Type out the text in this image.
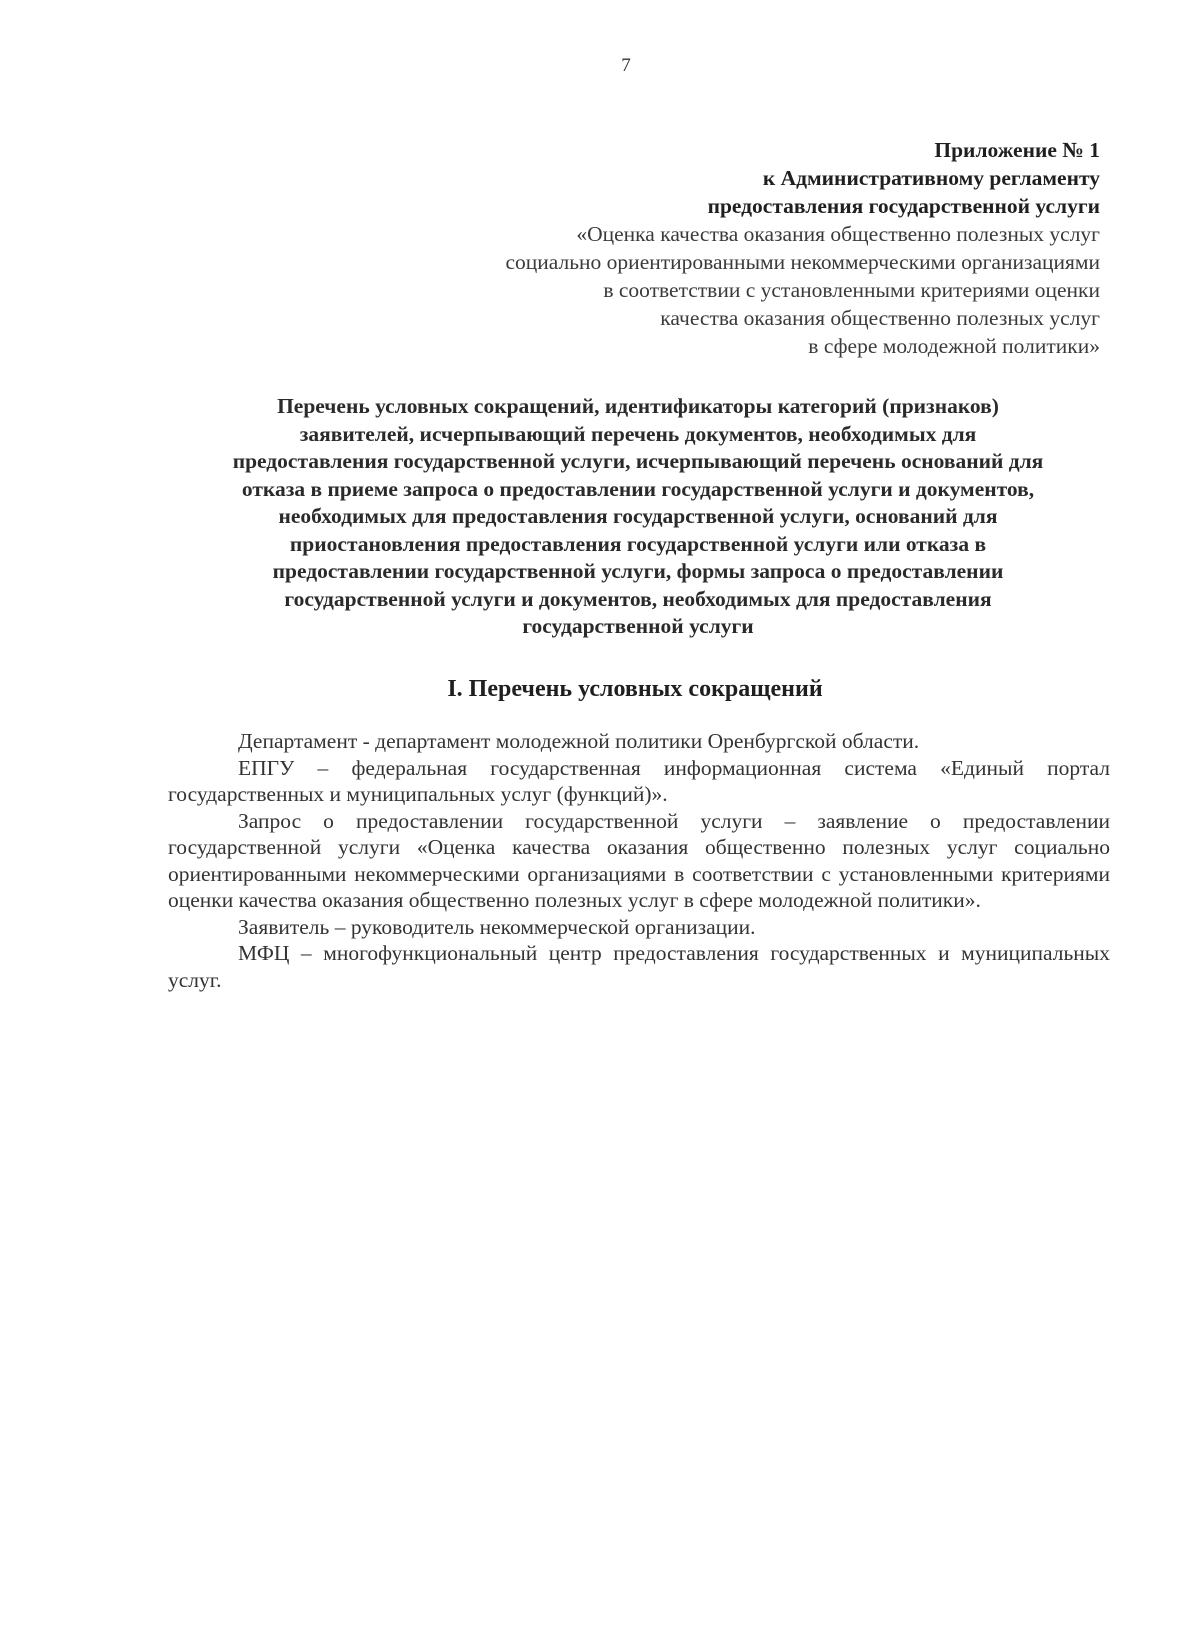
7
Приложение № 1
к Административному регламенту
предоставления государственной услуги
«Оценка качества оказания общественно полезных услуг
социально ориентированными некоммерческими организациями
в соответствии с установленными критериями оценки
качества оказания общественно полезных услуг
в сфере молодежной политики»
Перечень условных сокращений, идентификаторы категорий (признаков)
заявителей, исчерпывающий перечень документов, необходимых для
предоставления государственной услуги, исчерпывающий перечень оснований для
отказа в приеме запроса о предоставлении государственной услуги и документов,
необходимых для предоставления государственной услуги, оснований для
приостановления предоставления государственной услуги или отказа в
предоставлении государственной услуги, формы запроса о предоставлении
государственной услуги и документов, необходимых для предоставления
государственной услуги
I. Перечень условных сокращений

Департамент - департамент молодежной политики Оренбургской области.

ЕПГУ – федеральная государственная информационная система «Единый портал государственных и муниципальных услуг (функций)».

Запрос о предоставлении государственной услуги – заявление о предоставлении государственной услуги «Оценка качества оказания общественно полезных услуг социально ориентированными некоммерческими организациями в соответствии с установленными критериями оценки качества оказания общественно полезных услуг в сфере молодежной политики».

Заявитель – руководитель некоммерческой организации.

МФЦ – многофункциональный центр предоставления государственных и муниципальных услуг.
